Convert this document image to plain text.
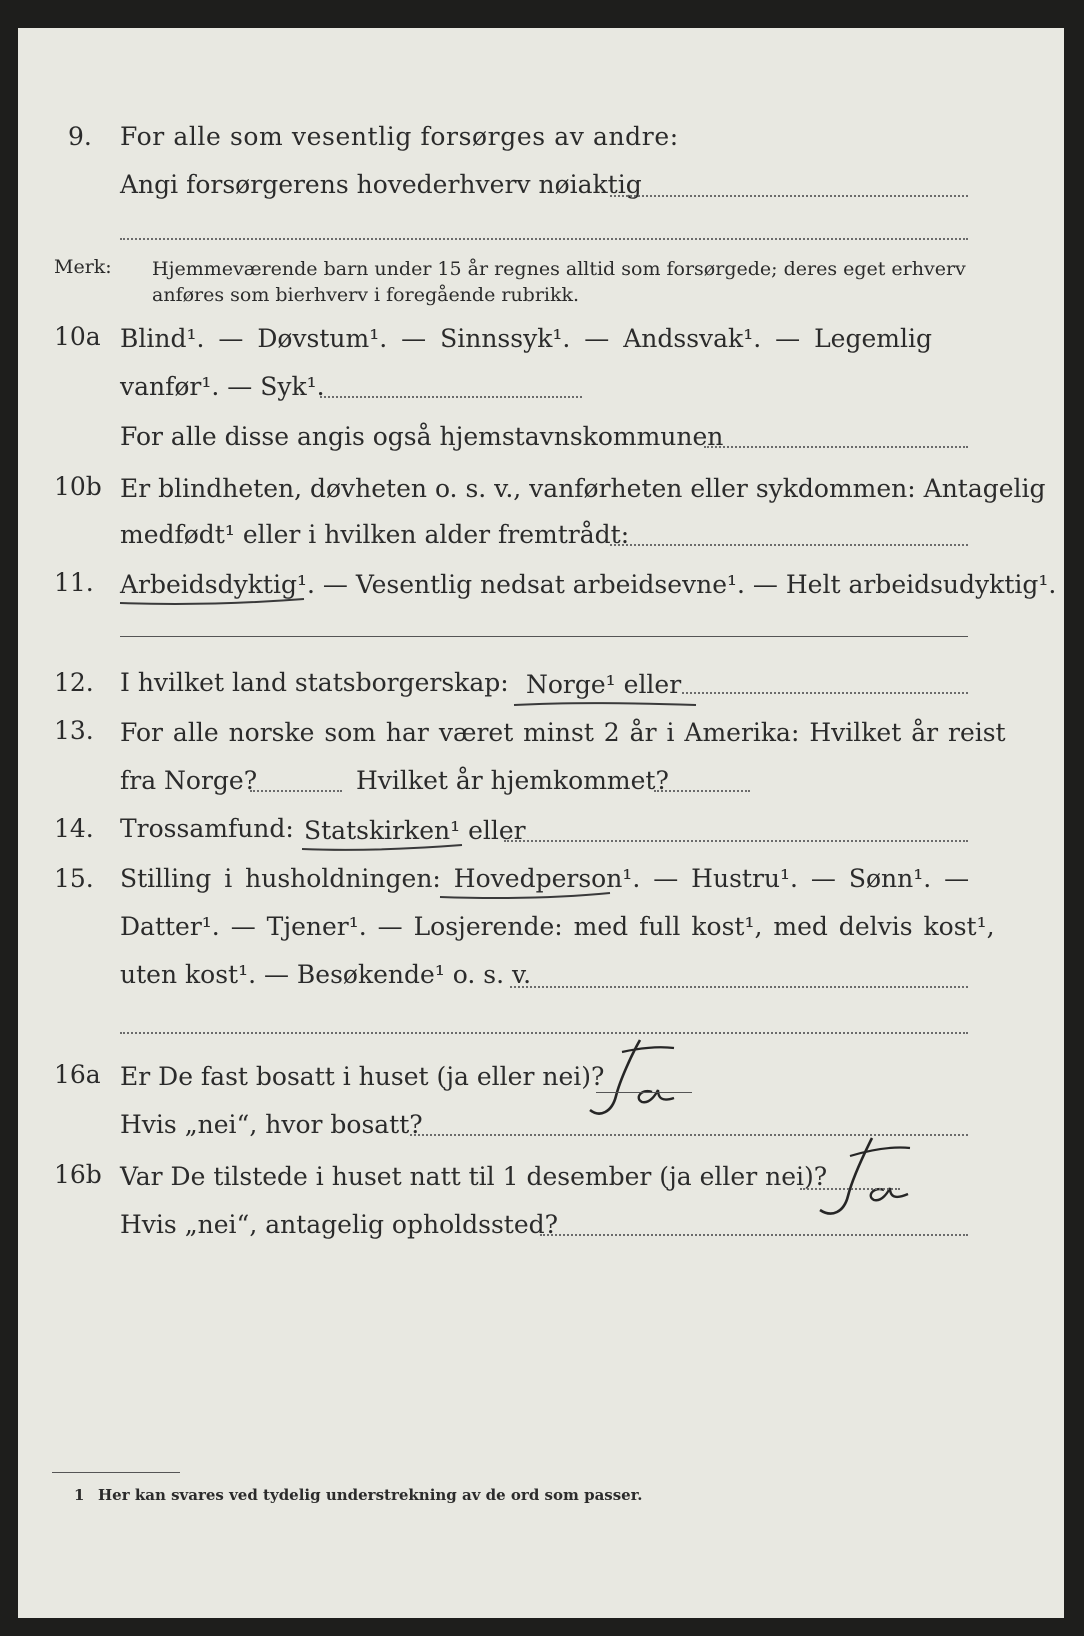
9. For alle som vesentlig forsørges av andre:
Angi forsørgerens hovederhverv nøiaktig
Merk: Hjemmeværende barn under 15 år regnes alltid som forsørgede; deres eget erhverv
anføres som bierhverv i foregående rubrikk.
10a Blind¹. — Døvstum¹. — Sinnssyk¹. — Andssvak¹. — Legemlig
vanfør¹. — Syk¹.
For alle disse angis også hjemstavnskommunen
10b Er blindheten, døvheten o. s. v., vanførheten eller sykdommen: Antagelig
medfødt¹ eller i hvilken alder fremtrådt:
11. Arbeidsdyktig¹. — Vesentlig nedsat arbeidsevne¹. — Helt arbeidsudyktig¹.
12. I hvilket land statsborgerskap: Norge¹ eller
13. For alle norske som har været minst 2 år i Amerika: Hvilket år reist
fra Norge?	Hvilket år hjemkommet?
14. Trossamfund: Statskirken¹ eller
15. Stilling i husholdningen: Hovedperson¹. — Hustru¹. — Sønn¹. —
Datter¹. — Tjener¹. — Losjerende: med full kost¹, med delvis kost¹,
uten kost¹. — Besøkende¹ o. s. v.
16a Er De fast bosatt i huset (ja eller nei)?
Hvis „nei“, hvor bosatt?
16b Var De tilstede i huset natt til 1 desember (ja eller nei)?
Hvis „nei“, antagelig opholdssted?
1 Her kan svares ved tydelig understrekning av de ord som passer.
